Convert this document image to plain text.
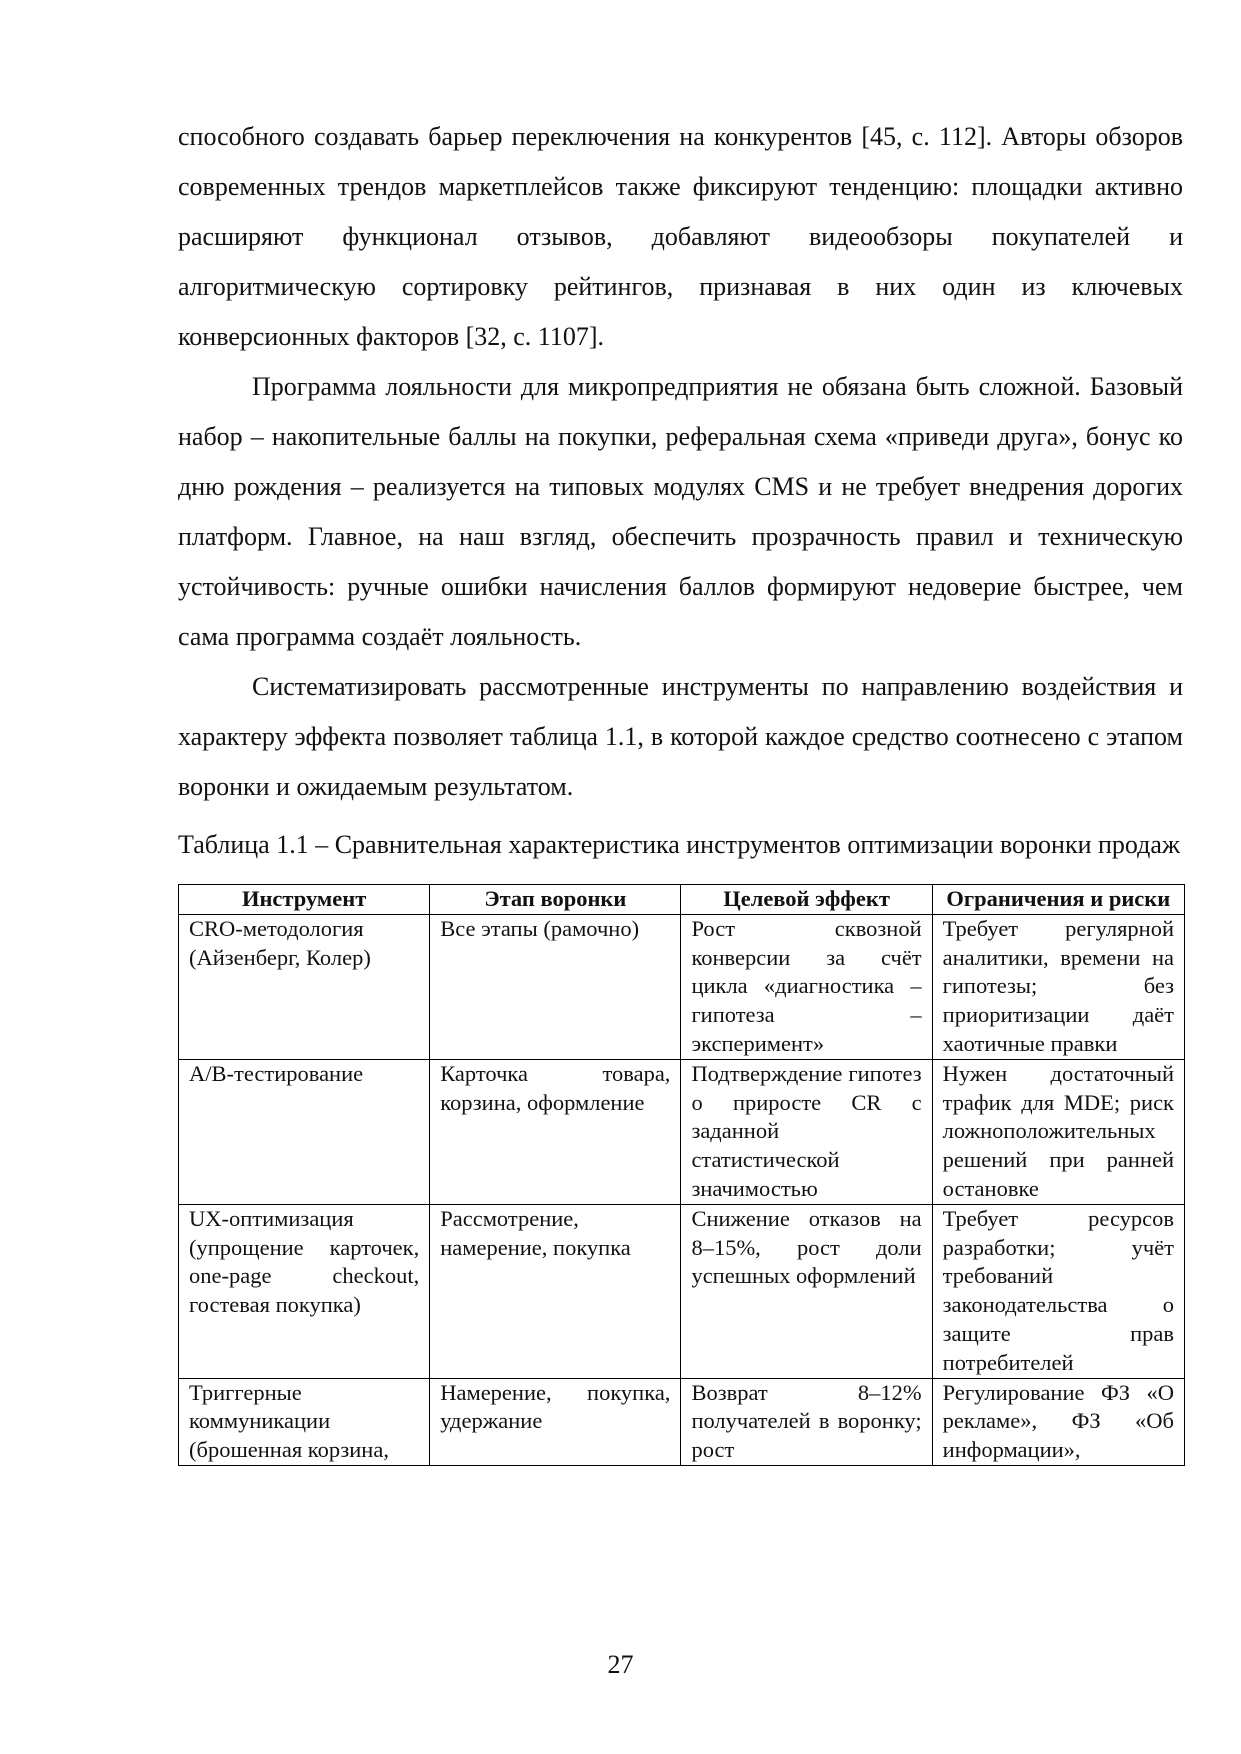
способного создавать барьер переключения на конкурентов [45, с. 112]. Авторы обзоров современных трендов маркетплейсов также фиксируют тенденцию: площадки активно расширяют функционал отзывов, добавляют видеообзоры покупателей и алгоритмическую сортировку рейтингов, признавая в них один из ключевых конверсионных факторов [32, с. 1107].

Программа лояльности для микропредприятия не обязана быть сложной. Базовый набор – накопительные баллы на покупки, реферальная схема «приведи друга», бонус ко дню рождения – реализуется на типовых модулях CMS и не требует внедрения дорогих платформ. Главное, на наш взгляд, обеспечить прозрачность правил и техническую устойчивость: ручные ошибки начисления баллов формируют недоверие быстрее, чем сама программа создаёт лояльность.

Систематизировать рассмотренные инструменты по направлению воздействия и характеру эффекта позволяет таблица 1.1, в которой каждое средство соотнесено с этапом воронки и ожидаемым результатом.

Таблица 1.1 – Сравнительная характеристика инструментов оптимизации воронки продаж

Инструмент	Этап воронки	Целевой эффект	Ограничения и риски
CRO-методология (Айзенберг, Колер)	Все этапы (рамочно)	Рост сквозной конверсии за счёт цикла «диагностика – гипотеза – эксперимент»	Требует регулярной аналитики, времени на гипотезы; без приоритизации даёт хаотичные правки
A/B-тестирование	Карточка товара, корзина, оформление	Подтверждение гипотез о приросте CR с заданной статистической значимостью	Нужен достаточный трафик для MDE; риск ложноположительных решений при ранней остановке
UX-оптимизация (упрощение карточек, one-page checkout, гостевая покупка)	Рассмотрение, намерение, покупка	Снижение отказов на 8–15%, рост доли успешных оформлений	Требует ресурсов разработки; учёт требований законодательства о защите прав потребителей
Триггерные коммуникации (брошенная корзина,	Намерение, покупка, удержание	Возврат 8–12% получателей в воронку; рост	Регулирование ФЗ «О рекламе», ФЗ «Об информации»,
27
